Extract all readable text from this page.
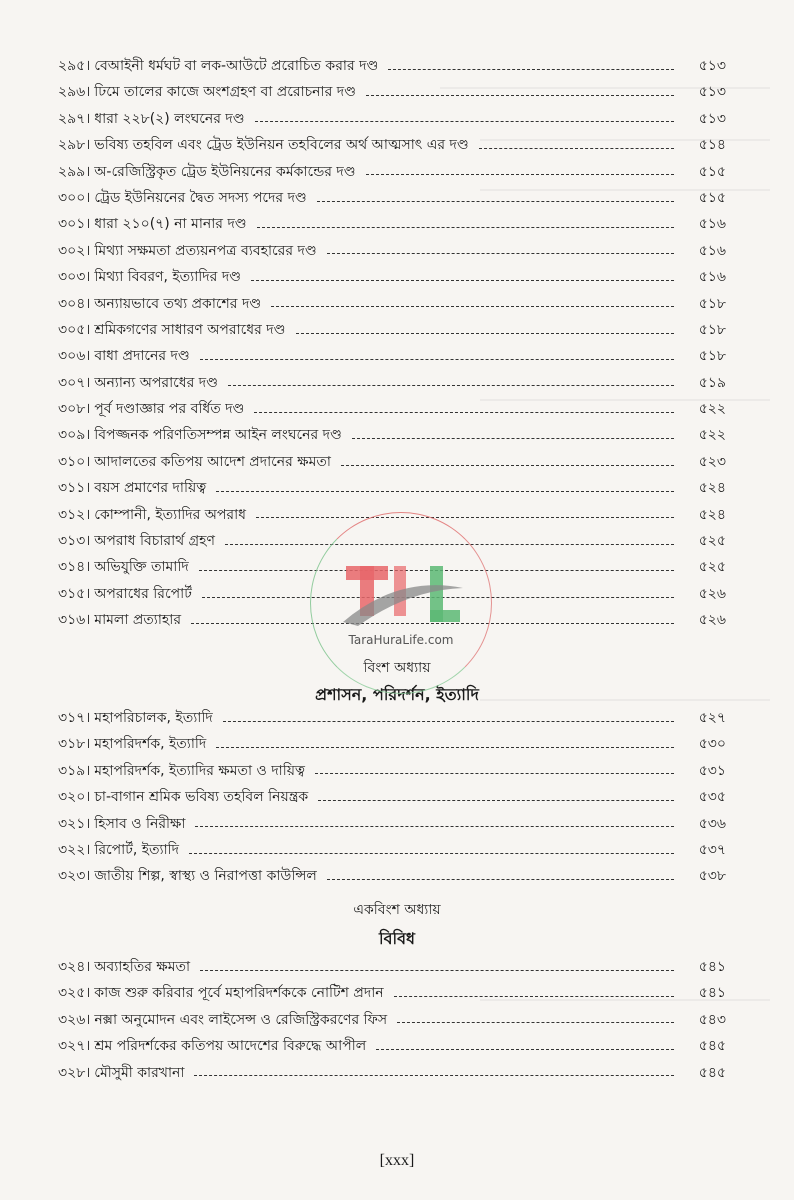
২৯৫। বেআইনী ধর্মঘট বা লক-আউটে প্ররোচিত করার দণ্ড	৫১৩
২৯৬। ঢিমে তালের কাজে অংশগ্রহণ বা প্ররোচনার দণ্ড	৫১৩
২৯৭। ধারা ২২৮(২) লংঘনের দণ্ড	৫১৩
২৯৮। ভবিষ্য তহবিল এবং ট্রেড ইউনিয়ন তহবিলের অর্থ আত্মসাৎ এর দণ্ড	৫১৪
২৯৯। অ-রেজিস্ট্রিকৃত ট্রেড ইউনিয়নের কর্মকান্ডের দণ্ড	৫১৫
৩০০। ট্রেড ইউনিয়নের দ্বৈত সদস্য পদের দণ্ড	৫১৫
৩০১। ধারা ২১০(৭) না মানার দণ্ড	৫১৬
৩০২। মিথ্যা সক্ষমতা প্রত্যয়নপত্র ব্যবহারের দণ্ড	৫১৬
৩০৩। মিথ্যা বিবরণ, ইত্যাদির দণ্ড	৫১৬
৩০৪। অন্যায়ভাবে তথ্য প্রকাশের দণ্ড	৫১৮
৩০৫। শ্রমিকগণের সাধারণ অপরাধের দণ্ড	৫১৮
৩০৬। বাধা প্রদানের দণ্ড	৫১৮
৩০৭। অন্যান্য অপরাধের দণ্ড	৫১৯
৩০৮। পূর্ব দণ্ডাজ্ঞার পর বর্ধিত দণ্ড	৫২২
৩০৯। বিপজ্জনক পরিণতিসম্পন্ন আইন লংঘনের দণ্ড	৫২২
৩১০। আদালতের কতিপয় আদেশ প্রদানের ক্ষমতা	৫২৩
৩১১। বয়স প্রমাণের দায়িত্ব	৫২৪
৩১২। কোম্পানী, ইত্যাদির অপরাধ	৫২৪
৩১৩। অপরাধ বিচারার্থ গ্রহণ	৫২৫
৩১৪। অভিযুক্তি তামাদি	৫২৫
৩১৫। অপরাধের রিপোর্ট	৫২৬
৩১৬। মামলা প্রত্যাহার	৫২৬
বিংশ অধ্যায়
প্রশাসন, পরিদর্শন, ইত্যাদি
৩১৭। মহাপরিচালক, ইত্যাদি	৫২৭
৩১৮। মহাপরিদর্শক, ইত্যাদি	৫৩০
৩১৯। মহাপরিদর্শক, ইত্যাদির ক্ষমতা ও দায়িত্ব	৫৩১
৩২০। চা-বাগান শ্রমিক ভবিষ্য তহবিল নিয়ন্ত্রক	৫৩৫
৩২১। হিসাব ও নিরীক্ষা	৫৩৬
৩২২। রিপোর্ট, ইত্যাদি	৫৩৭
৩২৩। জাতীয় শিল্প, স্বাস্থ্য ও নিরাপত্তা কাউন্সিল	৫৩৮
একবিংশ অধ্যায়
বিবিধ
৩২৪। অব্যাহতির ক্ষমতা	৫৪১
৩২৫। কাজ শুরু করিবার পূর্বে মহাপরিদর্শককে নোটিশ প্রদান	৫৪১
৩২৬। নক্সা অনুমোদন এবং লাইসেন্স ও রেজিস্ট্রিকরণের ফিস	৫৪৩
৩২৭। শ্রম পরিদর্শকের কতিপয় আদেশের বিরুদ্ধে আপীল	৫৪৫
৩২৮। মৌসুমী কারখানা	৫৪৫
TaraHuraLife.com
[xxx]
